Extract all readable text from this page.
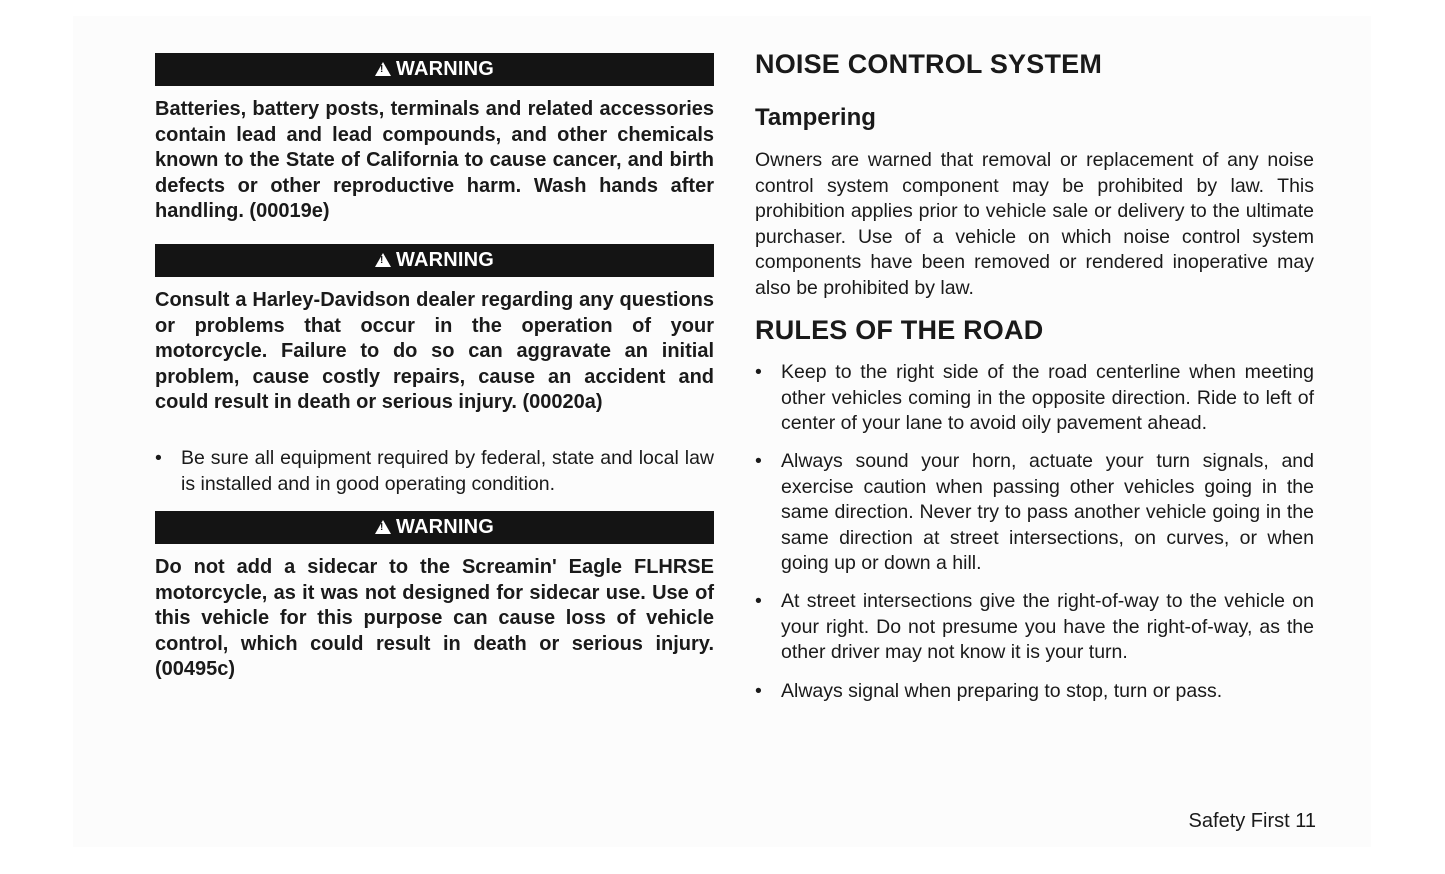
!
WARNING

Batteries, battery posts, terminals and related accessories contain lead and lead compounds, and other chemicals known to the State of California to cause cancer, and birth defects or other reproductive harm. Wash hands after handling. (00019e)

!
WARNING

Consult a Harley-Davidson dealer regarding any questions or problems that occur in the operation of your motorcycle. Failure to do so can aggravate an initial problem, cause costly repairs, cause an accident and could result in death or serious injury. (00020a)

• Be sure all equipment required by federal, state and local law is installed and in good operating condition.

!
WARNING

Do not add a sidecar to the Screamin' Eagle FLHRSE motorcycle, as it was not designed for sidecar use. Use of this vehicle for this purpose can cause loss of vehicle control, which could result in death or serious injury. (00495c)

NOISE CONTROL SYSTEM
Tampering

Owners are warned that removal or replacement of any noise control system component may be prohibited by law. This prohibition applies prior to vehicle sale or delivery to the ultimate purchaser. Use of a vehicle on which noise control system components have been removed or rendered inoperative may also be prohibited by law.

RULES OF THE ROAD
• Keep to the right side of the road centerline when meeting other vehicles coming in the opposite direction. Ride to left of center of your lane to avoid oily pavement ahead.

• Always sound your horn, actuate your turn signals, and exercise caution when passing other vehicles going in the same direction. Never try to pass another vehicle going in the same direction at street intersections, on curves, or when going up or down a hill.

• At street intersections give the right-of-way to the vehicle on your right. Do not presume you have the right-of-way, as the other driver may not know it is your turn.

• Always signal when preparing to stop, turn or pass.

Safety First 11
